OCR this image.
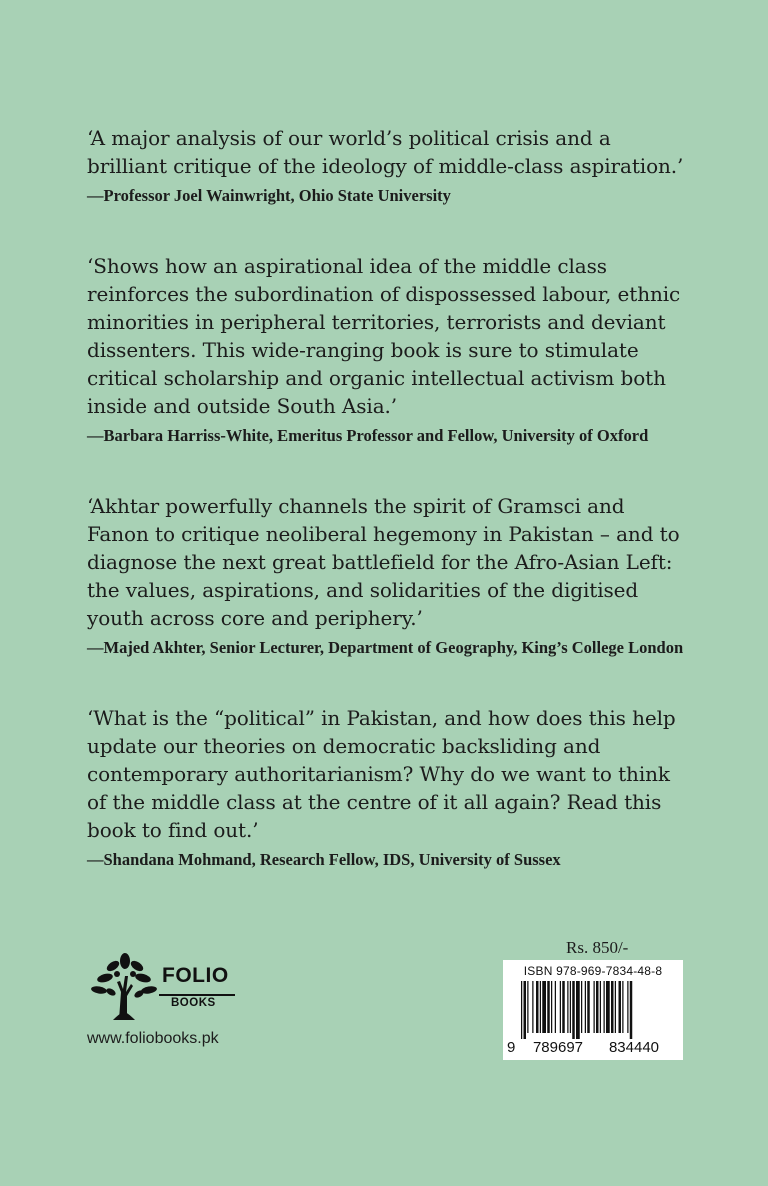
‘A major analysis of our world’s political crisis and a brilliant critique of the ideology of middle-class aspiration.’

—Professor Joel Wainwright, Ohio State University

‘Shows how an aspirational idea of the middle class reinforces the subordination of dispossessed labour, ethnic minorities in peripheral territories, terrorists and deviant dissenters. This wide-ranging book is sure to stimulate critical scholarship and organic intellectual activism both inside and outside South Asia.’

—Barbara Harriss-White, Emeritus Professor and Fellow, University of Oxford

‘Akhtar powerfully channels the spirit of Gramsci and Fanon to critique neoliberal hegemony in Pakistan – and to diagnose the next great battlefield for the Afro-Asian Left: the values, aspirations, and solidarities of the digitised youth across core and periphery.’

—Majed Akhter, Senior Lecturer, Department of Geography, King’s College London

‘What is the “political” in Pakistan, and how does this help update our theories on democratic backsliding and contemporary authoritarianism? Why do we want to think of the middle class at the centre of it all again? Read this book to find out.’

—Shandana Mohmand, Research Fellow, IDS, University of Sussex

Rs. 850/-
ISBN 978-969-7834-48-8
9	789697	834440
FOLIO
BOOKS
www.foliobooks.pk
